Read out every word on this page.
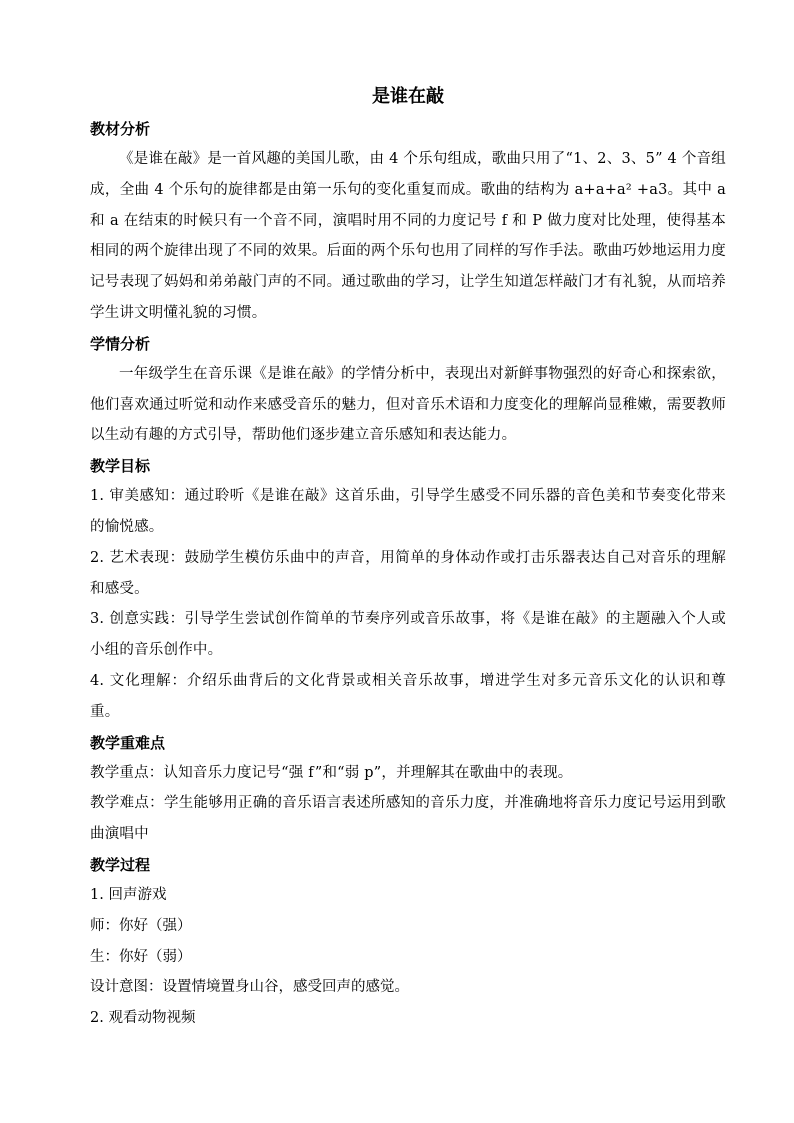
是谁在敲
教材分析
《是谁在敲》是一首风趣的美国儿歌，由 4 个乐句组成，歌曲只用了“1、2、3、5” 4 个音组成，全曲 4 个乐句的旋律都是由第一乐句的变化重复而成。歌曲的结构为 a+a+a² +a3。其中 a 和 a 在结束的时候只有一个音不同，演唱时用不同的力度记号 f 和 P 做力度对比处理，使得基本相同的两个旋律出现了不同的效果。后面的两个乐句也用了同样的写作手法。歌曲巧妙地运用力度记号表现了妈妈和弟弟敲门声的不同。通过歌曲的学习，让学生知道怎样敲门才有礼貌，从而培养学生讲文明懂礼貌的习惯。
学情分析
一年级学生在音乐课《是谁在敲》的学情分析中，表现出对新鲜事物强烈的好奇心和探索欲，他们喜欢通过听觉和动作来感受音乐的魅力，但对音乐术语和力度变化的理解尚显稚嫩，需要教师以生动有趣的方式引导，帮助他们逐步建立音乐感知和表达能力。
教学目标
1. 审美感知：通过聆听《是谁在敲》这首乐曲，引导学生感受不同乐器的音色美和节奏变化带来的愉悦感。
2. 艺术表现：鼓励学生模仿乐曲中的声音，用简单的身体动作或打击乐器表达自己对音乐的理解和感受。
3. 创意实践：引导学生尝试创作简单的节奏序列或音乐故事，将《是谁在敲》的主题融入个人或小组的音乐创作中。
4. 文化理解：介绍乐曲背后的文化背景或相关音乐故事，增进学生对多元音乐文化的认识和尊重。
教学重难点
教学重点：认知音乐力度记号“强 f”和“弱 p”，并理解其在歌曲中的表现。
教学难点：学生能够用正确的音乐语言表述所感知的音乐力度，并准确地将音乐力度记号运用到歌曲演唱中
教学过程
1. 回声游戏
师：你好（强）
生：你好（弱）
设计意图：设置情境置身山谷，感受回声的感觉。
2. 观看动物视频
